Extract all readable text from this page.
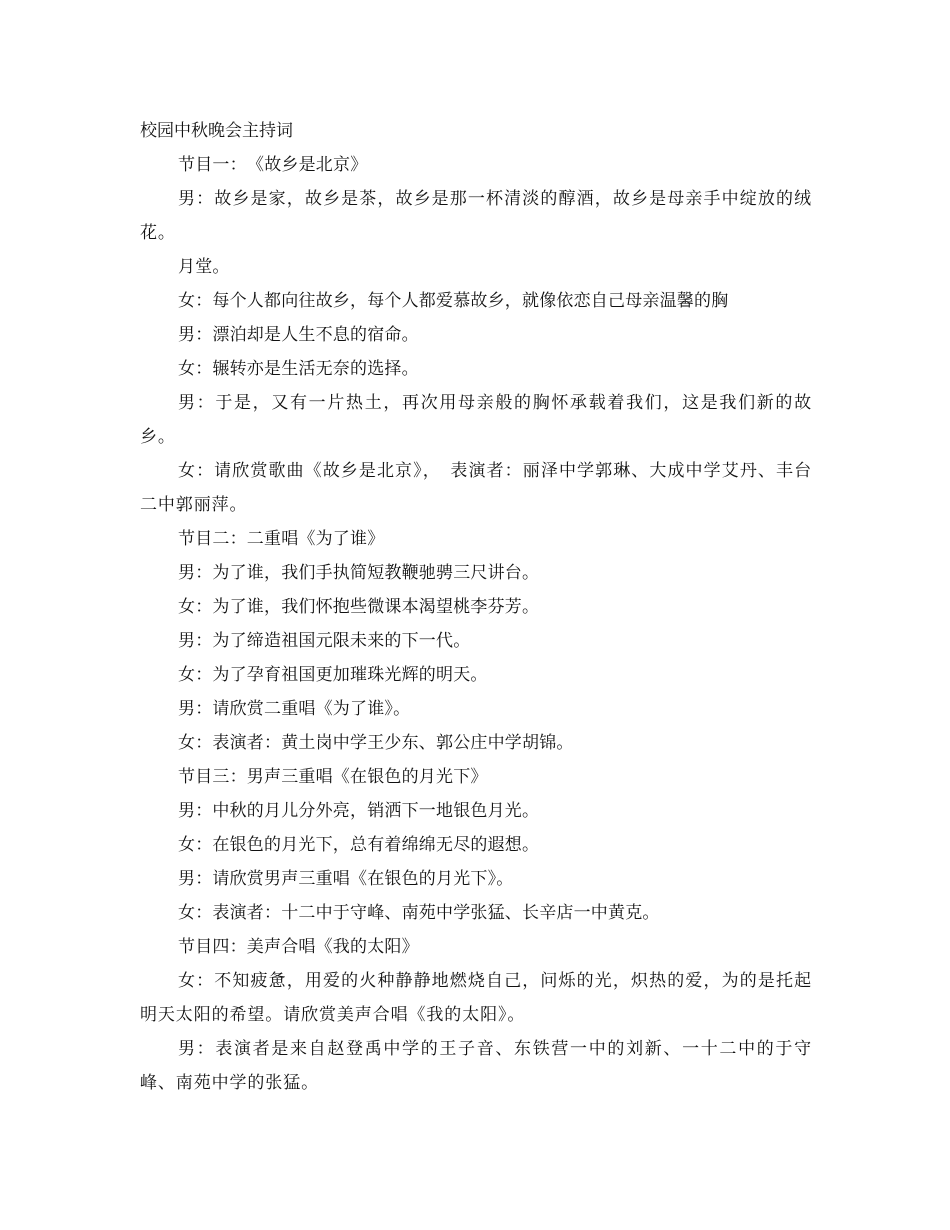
校园中秋晚会主持词

节目一：　《故乡是北京》

男：故乡是家，故乡是茶，故乡是那一杯清淡的醇酒，故乡是母亲手中绽放的绒花。

月堂。

女：每个人都向往故乡，每个人都爱慕故乡，就像依恋自己母亲温馨的胸

男：漂泊却是人生不息的宿命。

女：辗转亦是生活无奈的选择。

男：于是，又有一片热土，再次用母亲般的胸怀承载着我们，这是我们新的故乡。

女：请欣赏歌曲《故乡是北京》，　表演者：丽泽中学郭琳、大成中学艾丹、丰台二中郭丽萍。

节目二：二重唱《为了谁》

男：为了谁，我们手执简短教鞭驰骋三尺讲台。

女：为了谁，我们怀抱些微课本渴望桃李芬芳。

男：为了缔造祖国元限未来的下一代。

女：为了孕育祖国更加璀珠光辉的明天。

男：请欣赏二重唱《为了谁》。

女：表演者：黄土岗中学王少东、郭公庄中学胡锦。

节目三：男声三重唱《在银色的月光下》

男：中秋的月儿分外亮，销洒下一地银色月光。

女：在银色的月光下，总有着绵绵无尽的遐想。

男：请欣赏男声三重唱《在银色的月光下》。

女：表演者：十二中于守峰、南苑中学张猛、长辛店一中黄克。

节目四：美声合唱《我的太阳》

女：不知疲惫，用爱的火种静静地燃烧自己，问烁的光，炽热的爱，为的是托起明天太阳的希望。请欣赏美声合唱《我的太阳》。

男：表演者是来自赵登禹中学的王子音、东铁营一中的刘新、一十二中的于守峰、南苑中学的张猛。
